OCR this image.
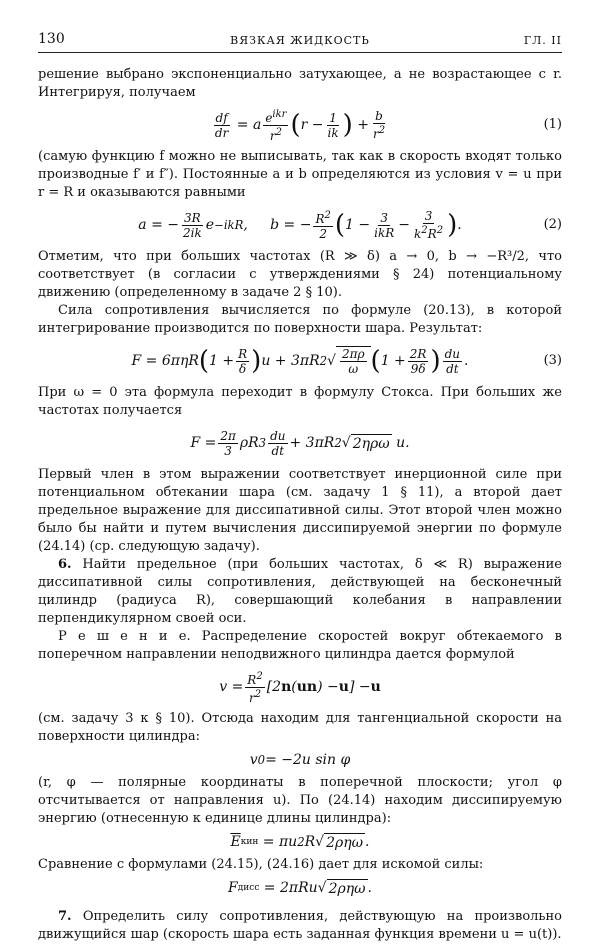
130	ВЯЗКАЯ ЖИДКОСТЬ	ГЛ. II

решение выбрано экспоненциально затухающее, а не возрастающее с r. Интегрируя, получаем

$\frac{df}{dr} = a \frac{e^{ikr}}{r^2}$ ( $r - \frac{1}{ik}$ ) + $\frac{b}{r^2}$	(1)

(самую функцию f можно не выписывать, так как в скорость входят только производные f′ и f″). Постоянные a и b определяются из условия v = u при r = R и оказываются равными

a = − $\frac{3R}{2ik}$ e −ikR ,     b = − $\frac{R^2}{2}$ ( $1 - \frac{3}{\text{ikR}} - \frac{3}{k^2R^2}$ ) .	(2)

Отметим, что при больших частотах (R ≫ δ) a → 0, b → −R³/2, что соответствует (в согласии с утверждениями § 24) потенциальному движению (определенному в задаче 2 § 10).

Сила сопротивления вычисляется по формуле (20.13), в которой интегрирование производится по поверхности шара. Результат:

F = 6πηR ( $1 + \frac{R}{\delta}$ ) u + 3πR 2 √ $\frac{2\pi\rho}{\omega}$ ( $1 + \frac{2R}{9\delta}$ ) $\frac{du}{dt}$ .	(3)

При ω = 0 эта формула переходит в формулу Стокса. При больших же частотах получается

$F = \frac{2\pi}{3}$ ρR $3 \frac{du}{dt} + 3\pi R$ 2 √ 2ηρω u.

Первый член в этом выражении соответствует инерционной силе при потенциальном обтекании шара (см. задачу 1 § 11), а второй дает предельное выражение для диссипативной силы. Этот второй член можно было бы найти и путем вычисления диссипируемой энергии по формуле (24.14) (ср. следующую задачу).

6. Найти предельное (при больших частотах, δ ≪ R) выражение диссипативной силы сопротивления, действующей на бесконечный цилиндр (радиуса R), совершающий колебания в направлении перпендикулярном своей оси.

Р е ш е н и е. Распределение скоростей вокруг обтекаемого в поперечном направлении неподвижного цилиндра дается формулой

$v = \frac{R^2}{r^2} [2$ n ( un ) − u ] − u

(см. задачу 3 к § 10). Отсюда находим для тангенциальной скорости на поверхности цилиндра:

v 0 = −2u sin φ

(r, φ — полярные координаты в поперечной плоскости; угол φ отсчитывается от направления u). По (24.14) находим диссипируемую энергию (отнесенную к единице длины цилиндра):

$\overline{E}$ кин = πu 2 R√ 2ρηω .

Сравнение с формулами (24.15), (24.16) дает для искомой силы:

F дисс = 2πRu√ 2ρηω .

7. Определить силу сопротивления, действующую на произвольно движущийся шар (скорость шара есть заданная функция времени u = u(t)).
